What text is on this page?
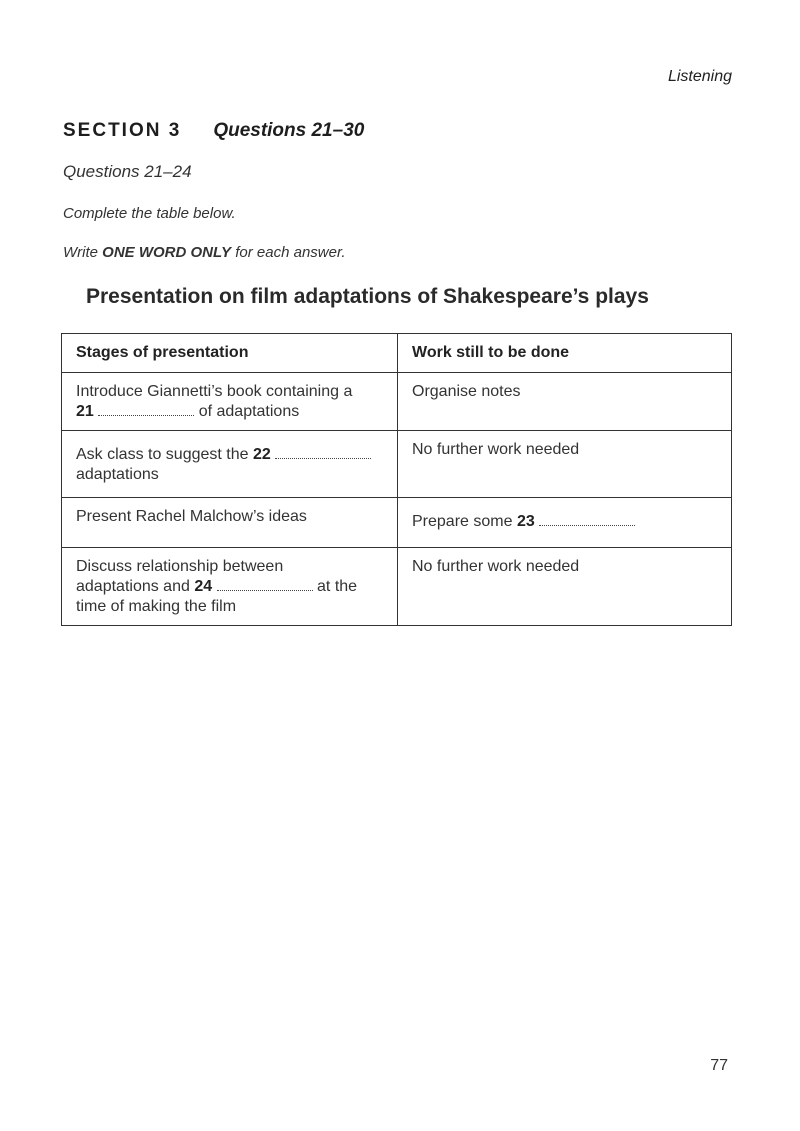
Listening
SECTION 3 Questions 21–30
Questions 21–24
Complete the table below.
Write ONE WORD ONLY for each answer.
Presentation on film adaptations of Shakespeare’s plays
Stages of presentation	Work still to be done
Introduce Giannetti’s book containing a
21 of adaptations	Organise notes
Ask class to suggest the 22
adaptations	No further work needed
Present Rachel Malchow’s ideas	Prepare some 23
Discuss relationship between
adaptations and 24 at the
time of making the film	No further work needed
77
